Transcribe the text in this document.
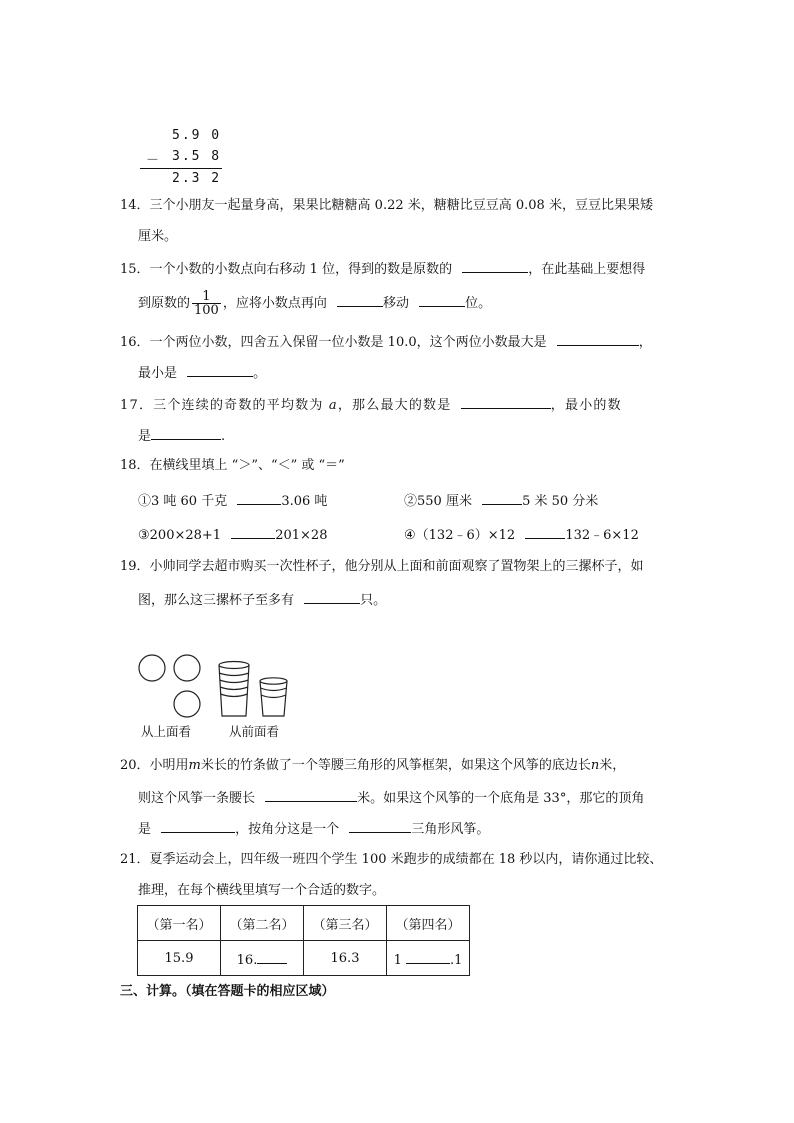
5.9 0
－ 3.5 8
2.3 2
14．三个小朋友一起量身高，果果比糖糖高 0.22 米，糖糖比豆豆高 0.08 米，豆豆比果果矮
厘米。
15．一个小数的小数点向右移动 1 位，得到的数是原数的	，在此基础上要想得
到原数的 $\frac{1}{100}$ ，应将小数点再向	移动	位。
16．一个两位小数，四舍五入保留一位小数是 10.0，这个两位小数最大是	，
最小是	。
17．三个连续的奇数的平均数为 a，那么最大的数是	，最小的数
是	.
18．在横线里填上 “＞”、“＜” 或 “＝”
①3 吨 60 千克	3.06 吨	②550 厘米	5 米 50 分米
③200×28+1	201×28	④（132﹣6）×12	132﹣6×12
19．小帅同学去超市购买一次性杯子，他分别从上面和前面观察了置物架上的三摞杯子，如
图，那么这三摞杯子至多有	只。
从上面看	从前面看
20．小明用m米长的竹条做了一个等腰三角形的风筝框架，如果这个风筝的底边长n米，
则这个风筝一条腰长	米。如果这个风筝的一个底角是 33°，那它的顶角
是	，按角分这是一个	三角形风筝。
21．夏季运动会上，四年级一班四个学生 100 米跑步的成绩都在 18 秒以内，请你通过比较、
推理，在每个横线里填写一个合适的数字。
（第一名）	（第二名）	（第三名）	（第四名）
15.9	16.	16.3	1 .1
三、计算。（填在答题卡的相应区域）
